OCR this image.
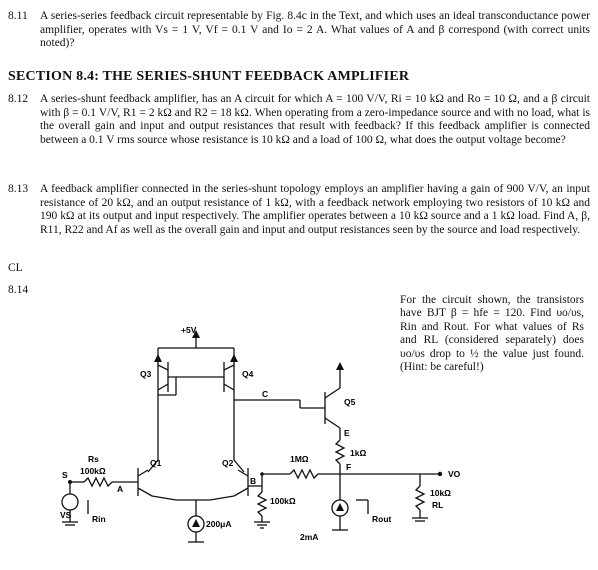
8.11 A series-series feedback circuit representable by Fig. 8.4c in the Text, and which uses an ideal transconductance power amplifier, operates with Vs = 1 V, Vf = 0.1 V and Io = 2 A. What values of A and β correspond (with correct units noted)?
SECTION 8.4: THE SERIES-SHUNT FEEDBACK AMPLIFIER
8.12 A series-shunt feedback amplifier, has an A circuit for which A = 100 V/V, Ri = 10 kΩ and Ro = 10 Ω, and a β circuit with β = 0.1 V/V, R1 = 2 kΩ and R2 = 18 kΩ. When operating from a zero-impedance source and with no load, what is the overall gain and input and output resistances that result with feedback? If this feedback amplifier is connected between a 0.1 V rms source whose resistance is 10 kΩ and a load of 100 Ω, what does the output voltage become?
8.13 A feedback amplifier connected in the series-shunt topology employs an amplifier having a gain of 900 V/V, an input resistance of 20 kΩ, and an output resistance of 1 kΩ, with a feedback network employing two resistors of 10 kΩ and 190 kΩ at its output and input respectively. The amplifier operates between a 10 kΩ source and a 1 kΩ load. Find A, β, R11, R22 and Af as well as the overall gain and input and output resistances seen by the source and load respectively.
CL
8.14
For the circuit shown, the transistors have BJT β = hfe = 120. Find υo/υs, Rin and Rout. For what values of Rs and RL (considered separately) does υo/υs drop to ½ the value just found. (Hint: be careful!)
+5V
Q3	Q4
C
Q5
E
1kΩ
F
1MΩ
B
100kΩ
Q1	Q2
Rs
100kΩ
S
A
VS Rin	200μA
2mA
Rout
VO
10kΩ
RL
